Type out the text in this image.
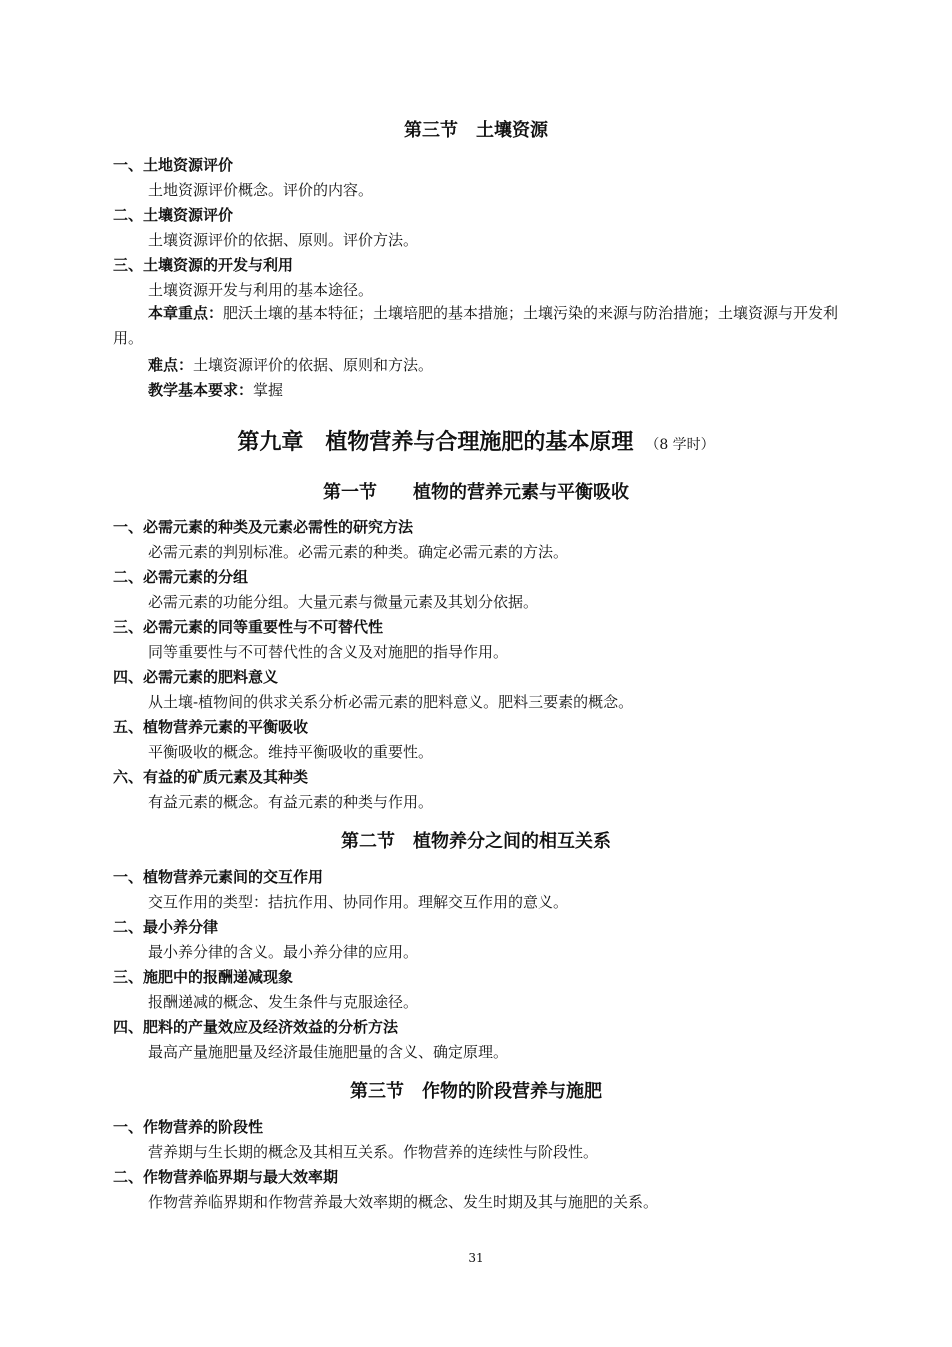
第三节　土壤资源
一、土地资源评价
土地资源评价概念。评价的内容。
二、土壤资源评价
土壤资源评价的依据、原则。评价方法。
三、土壤资源的开发与利用
土壤资源开发与利用的基本途径。
本章重点：肥沃土壤的基本特征；土壤培肥的基本措施；土壤污染的来源与防治措施；土壤资源与开发利用。
难点：土壤资源评价的依据、原则和方法。
教学基本要求：掌握
第九章　植物营养与合理施肥的基本原理 （8 学时）
第一节　　植物的营养元素与平衡吸收
一、必需元素的种类及元素必需性的研究方法
必需元素的判别标准。必需元素的种类。确定必需元素的方法。
二、必需元素的分组
必需元素的功能分组。大量元素与微量元素及其划分依据。
三、必需元素的同等重要性与不可替代性
同等重要性与不可替代性的含义及对施肥的指导作用。
四、必需元素的肥料意义
从土壤-植物间的供求关系分析必需元素的肥料意义。肥料三要素的概念。
五、植物营养元素的平衡吸收
平衡吸收的概念。维持平衡吸收的重要性。
六、有益的矿质元素及其种类
有益元素的概念。有益元素的种类与作用。
第二节　植物养分之间的相互关系
一、植物营养元素间的交互作用
交互作用的类型：拮抗作用、协同作用。理解交互作用的意义。
二、最小养分律
最小养分律的含义。最小养分律的应用。
三、施肥中的报酬递减现象
报酬递减的概念、发生条件与克服途径。
四、肥料的产量效应及经济效益的分析方法
最高产量施肥量及经济最佳施肥量的含义、确定原理。
第三节　作物的阶段营养与施肥
一、作物营养的阶段性
营养期与生长期的概念及其相互关系。作物营养的连续性与阶段性。
二、作物营养临界期与最大效率期
作物营养临界期和作物营养最大效率期的概念、发生时期及其与施肥的关系。
31
